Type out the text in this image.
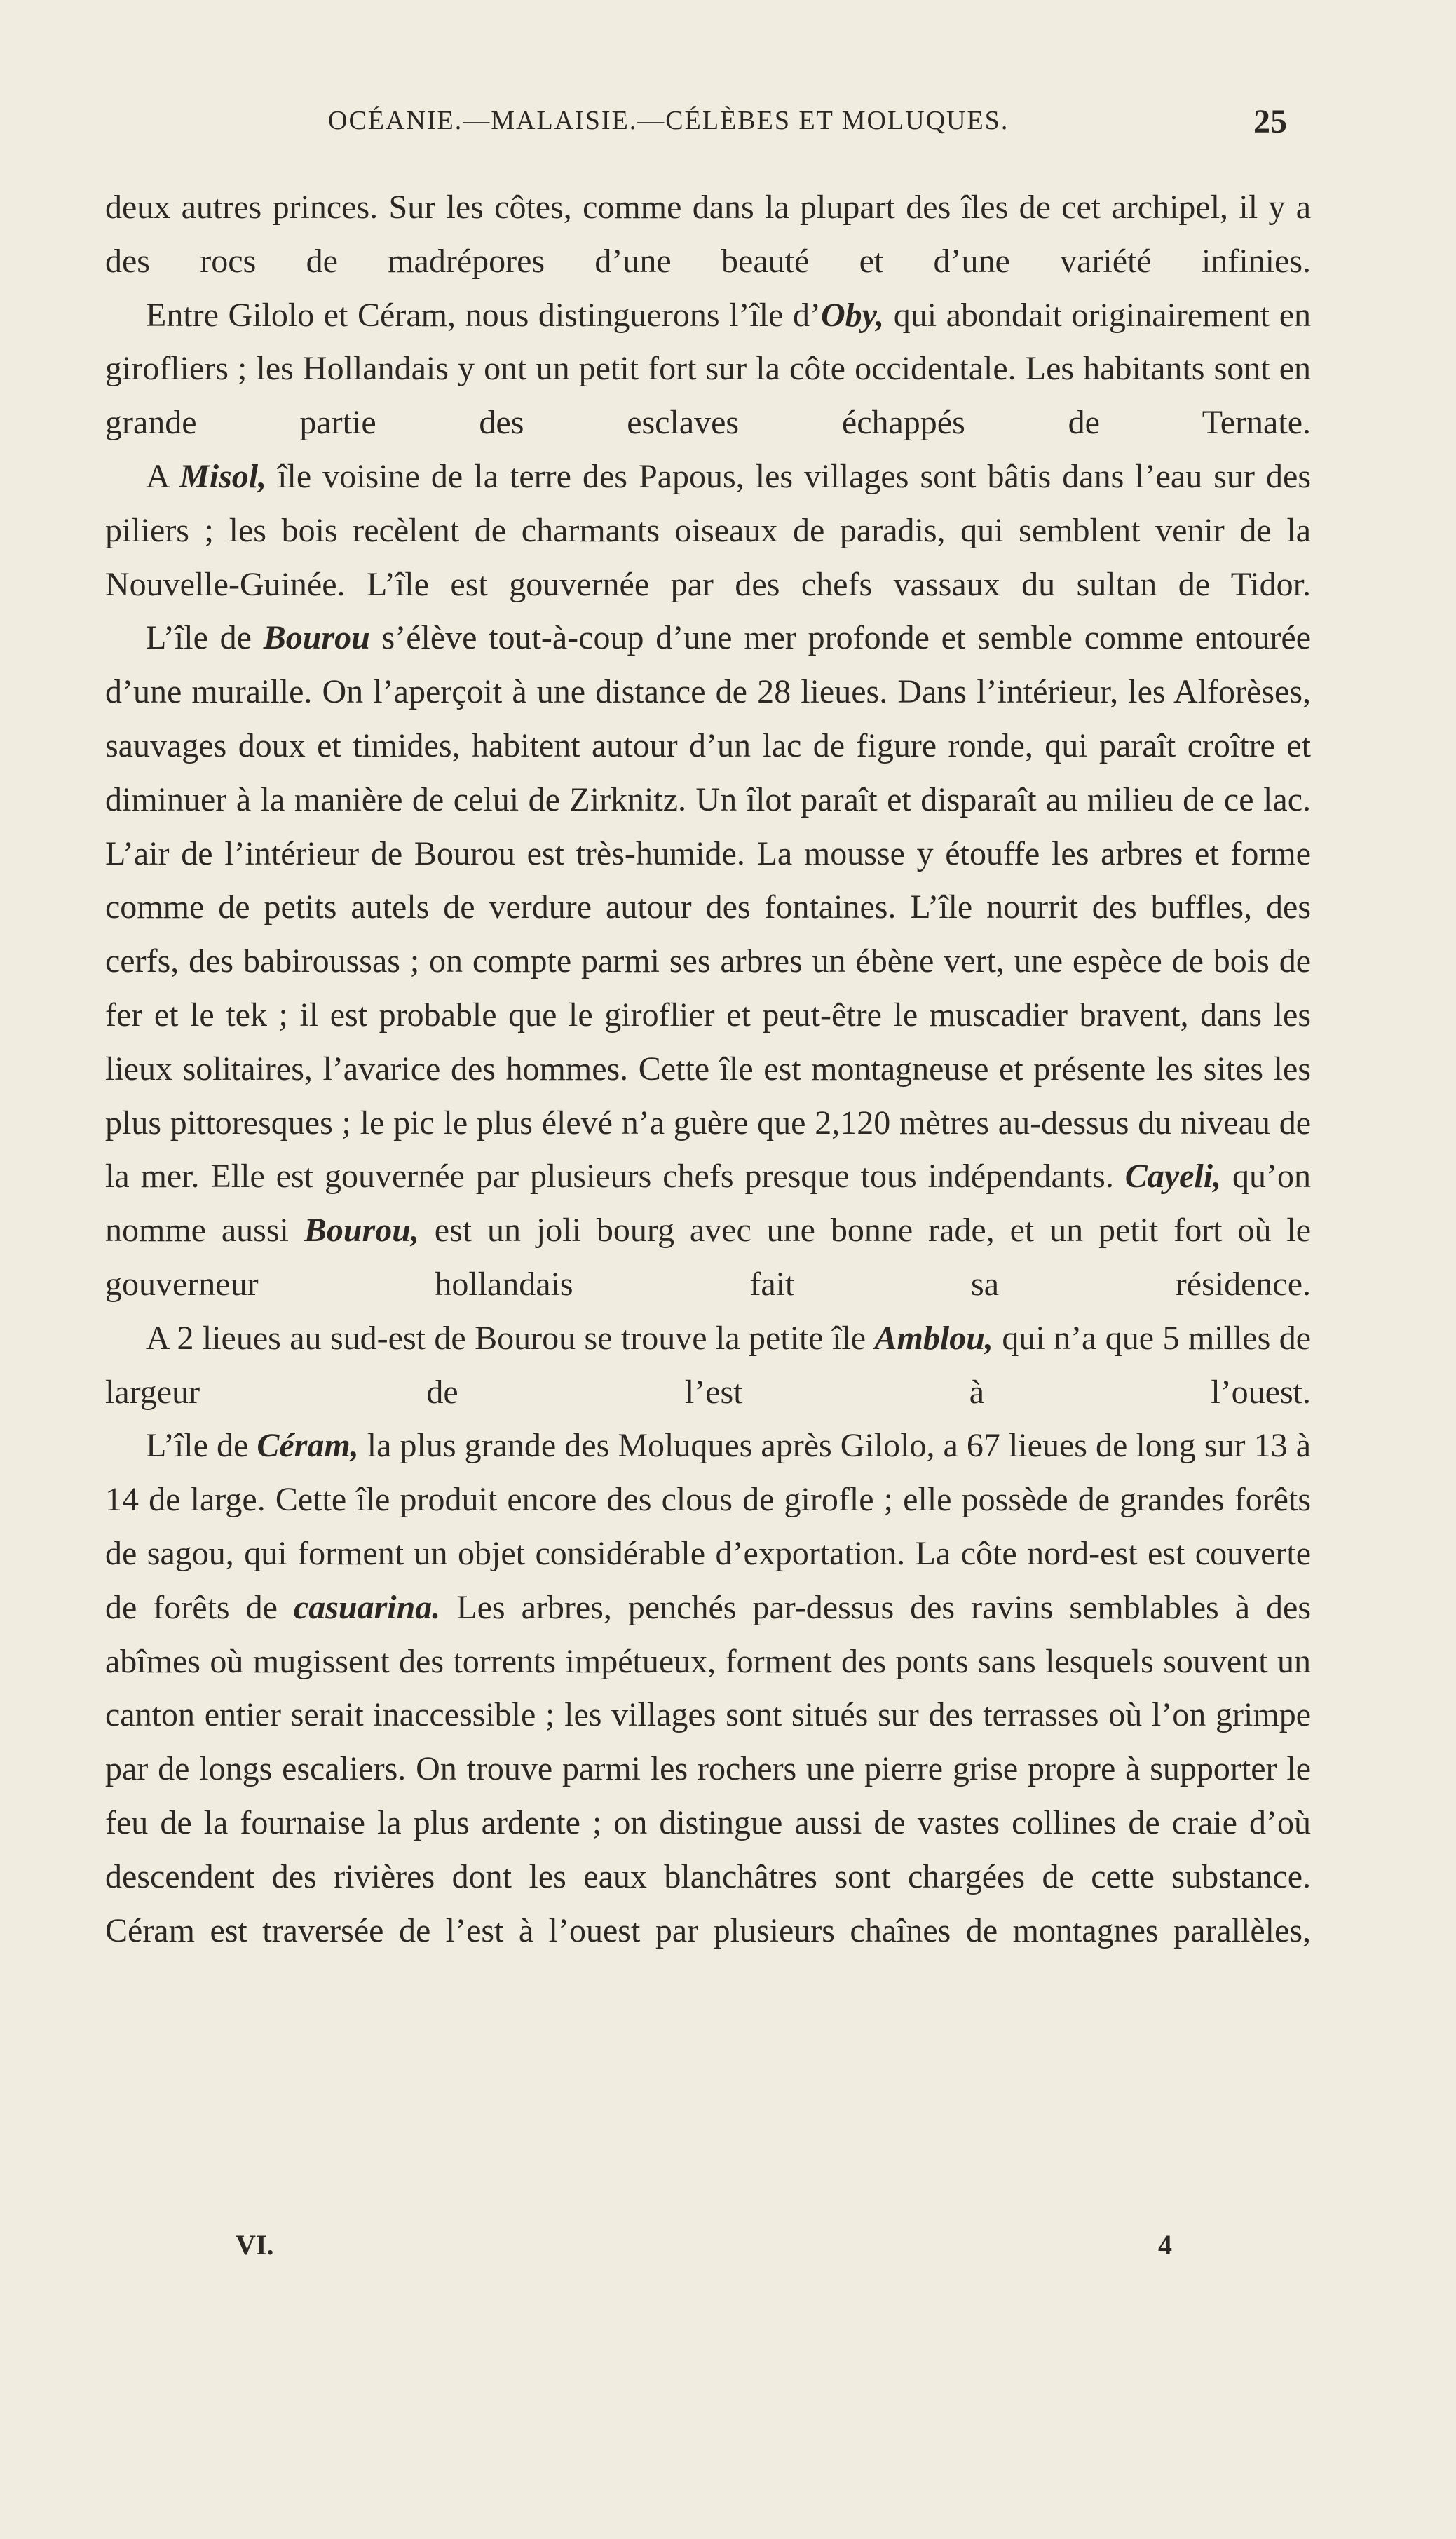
OCÉANIE.—MALAISIE.—CÉLÈBES ET MOLUQUES.	25

deux autres princes. Sur les côtes, comme dans la plupart des îles de cet archipel, il y a des rocs de madrépores d’une beauté et d’une variété infinies.

Entre Gilolo et Céram, nous distinguerons l’île d’Oby, qui abondait originairement en girofliers ; les Hollandais y ont un petit fort sur la côte occidentale. Les habitants sont en grande partie des esclaves échappés de Ternate.

A Misol, île voisine de la terre des Papous, les villages sont bâtis dans l’eau sur des piliers ; les bois recèlent de charmants oiseaux de paradis, qui semblent venir de la Nouvelle-Guinée. L’île est gouvernée par des chefs vassaux du sultan de Tidor.

L’île de Bourou s’élève tout-à-coup d’une mer profonde et semble comme entourée d’une muraille. On l’aperçoit à une distance de 28 lieues. Dans l’intérieur, les Alforèses, sauvages doux et timides, habitent autour d’un lac de figure ronde, qui paraît croître et diminuer à la manière de celui de Zirknitz. Un îlot paraît et disparaît au milieu de ce lac. L’air de l’intérieur de Bourou est très-humide. La mousse y étouffe les arbres et forme comme de petits autels de verdure autour des fontaines. L’île nourrit des buffles, des cerfs, des babiroussas ; on compte parmi ses arbres un ébène vert, une espèce de bois de fer et le tek ; il est probable que le giroflier et peut-être le muscadier bravent, dans les lieux solitaires, l’avarice des hommes. Cette île est montagneuse et présente les sites les plus pittoresques ; le pic le plus élevé n’a guère que 2,120 mètres au-dessus du niveau de la mer. Elle est gouvernée par plusieurs chefs presque tous indépendants. Cayeli, qu’on nomme aussi Bourou, est un joli bourg avec une bonne rade, et un petit fort où le gouverneur hollandais fait sa résidence.

A 2 lieues au sud-est de Bourou se trouve la petite île Amblou, qui n’a que 5 milles de largeur de l’est à l’ouest.

L’île de Céram, la plus grande des Moluques après Gilolo, a 67 lieues de long sur 13 à 14 de large. Cette île produit encore des clous de girofle ; elle possède de grandes forêts de sagou, qui forment un objet considérable d’exportation. La côte nord-est est couverte de forêts de casuarina. Les arbres, penchés par-dessus des ravins semblables à des abîmes où mugissent des torrents impétueux, forment des ponts sans lesquels souvent un canton entier serait inaccessible ; les villages sont situés sur des terrasses où l’on grimpe par de longs escaliers. On trouve parmi les rochers une pierre grise propre à supporter le feu de la fournaise la plus ardente ; on distingue aussi de vastes collines de craie d’où descendent des rivières dont les eaux blanchâtres sont chargées de cette substance. Céram est traversée de l’est à l’ouest par plusieurs chaînes de montagnes parallèles,

VI.	4
